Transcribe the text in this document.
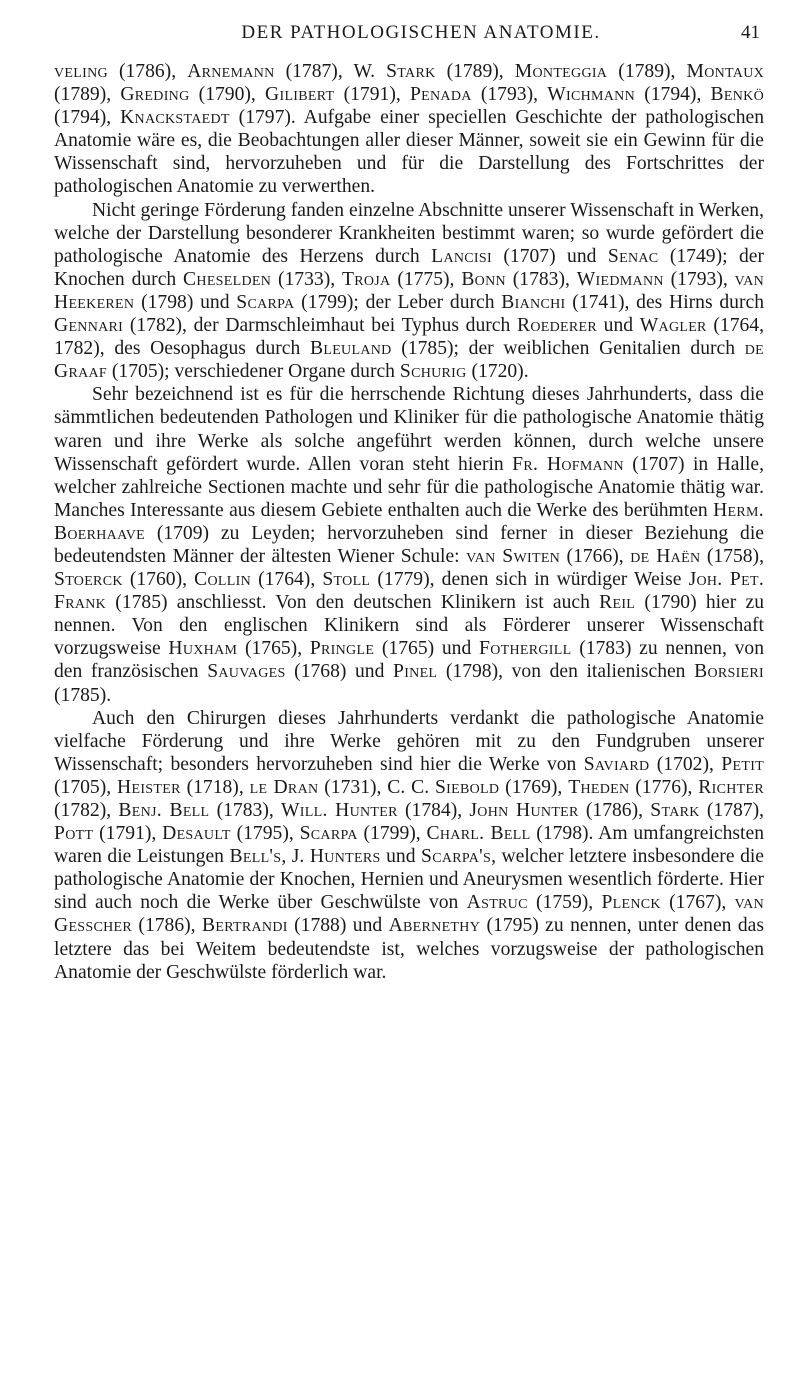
DER PATHOLOGISCHEN ANATOMIE.	41

veling (1786), Arnemann (1787), W. Stark (1789), Monteggia (1789), Montaux (1789), Greding (1790), Gilibert (1791), Penada (1793), Wichmann (1794), Benkö (1794), Knackstaedt (1797). Aufgabe einer speciellen Geschichte der pathologischen Anatomie wäre es, die Beobachtungen aller dieser Männer, soweit sie ein Gewinn für die Wissenschaft sind, hervorzuheben und für die Darstellung des Fortschrittes der pathologischen Anatomie zu verwerthen.

Nicht geringe Förderung fanden einzelne Abschnitte unserer Wissenschaft in Werken, welche der Darstellung besonderer Krankheiten bestimmt waren; so wurde gefördert die pathologische Anatomie des Herzens durch Lancisi (1707) und Senac (1749); der Knochen durch Cheselden (1733), Troja (1775), Bonn (1783), Wiedmann (1793), van Heekeren (1798) und Scarpa (1799); der Leber durch Bianchi (1741), des Hirns durch Gennari (1782), der Darmschleimhaut bei Typhus durch Roederer und Wagler (1764, 1782), des Oesophagus durch Bleuland (1785); der weiblichen Genitalien durch de Graaf (1705); verschiedener Organe durch Schurig (1720).

Sehr bezeichnend ist es für die herrschende Richtung dieses Jahrhunderts, dass die sämmtlichen bedeutenden Pathologen und Kliniker für die pathologische Anatomie thätig waren und ihre Werke als solche angeführt werden können, durch welche unsere Wissenschaft gefördert wurde. Allen voran steht hierin Fr. Hofmann (1707) in Halle, welcher zahlreiche Sectionen machte und sehr für die pathologische Anatomie thätig war. Manches Interessante aus diesem Gebiete enthalten auch die Werke des berühmten Herm. Boerhaave (1709) zu Leyden; hervorzuheben sind ferner in dieser Beziehung die bedeutendsten Männer der ältesten Wiener Schule: van Switen (1766), de Haën (1758), Stoerck (1760), Collin (1764), Stoll (1779), denen sich in würdiger Weise Joh. Pet. Frank (1785) anschliesst. Von den deutschen Klinikern ist auch Reil (1790) hier zu nennen. Von den englischen Klinikern sind als Förderer unserer Wissenschaft vorzugsweise Huxham (1765), Pringle (1765) und Fothergill (1783) zu nennen, von den französischen Sauvages (1768) und Pinel (1798), von den italienischen Borsieri (1785).

Auch den Chirurgen dieses Jahrhunderts verdankt die pathologische Anatomie vielfache Förderung und ihre Werke gehören mit zu den Fundgruben unserer Wissenschaft; besonders hervorzuheben sind hier die Werke von Saviard (1702), Petit (1705), Heister (1718), le Dran (1731), C. C. Siebold (1769), Theden (1776), Richter (1782), Benj. Bell (1783), Will. Hunter (1784), John Hunter (1786), Stark (1787), Pott (1791), Desault (1795), Scarpa (1799), Charl. Bell (1798). Am umfangreichsten waren die Leistungen Bell's, J. Hunters und Scarpa's, welcher letztere insbesondere die pathologische Anatomie der Knochen, Hernien und Aneurysmen wesentlich förderte. Hier sind auch noch die Werke über Geschwülste von Astruc (1759), Plenck (1767), van Gesscher (1786), Bertrandi (1788) und Abernethy (1795) zu nennen, unter denen das letztere das bei Weitem bedeutendste ist, welches vorzugsweise der pathologischen Anatomie der Geschwülste förderlich war.
